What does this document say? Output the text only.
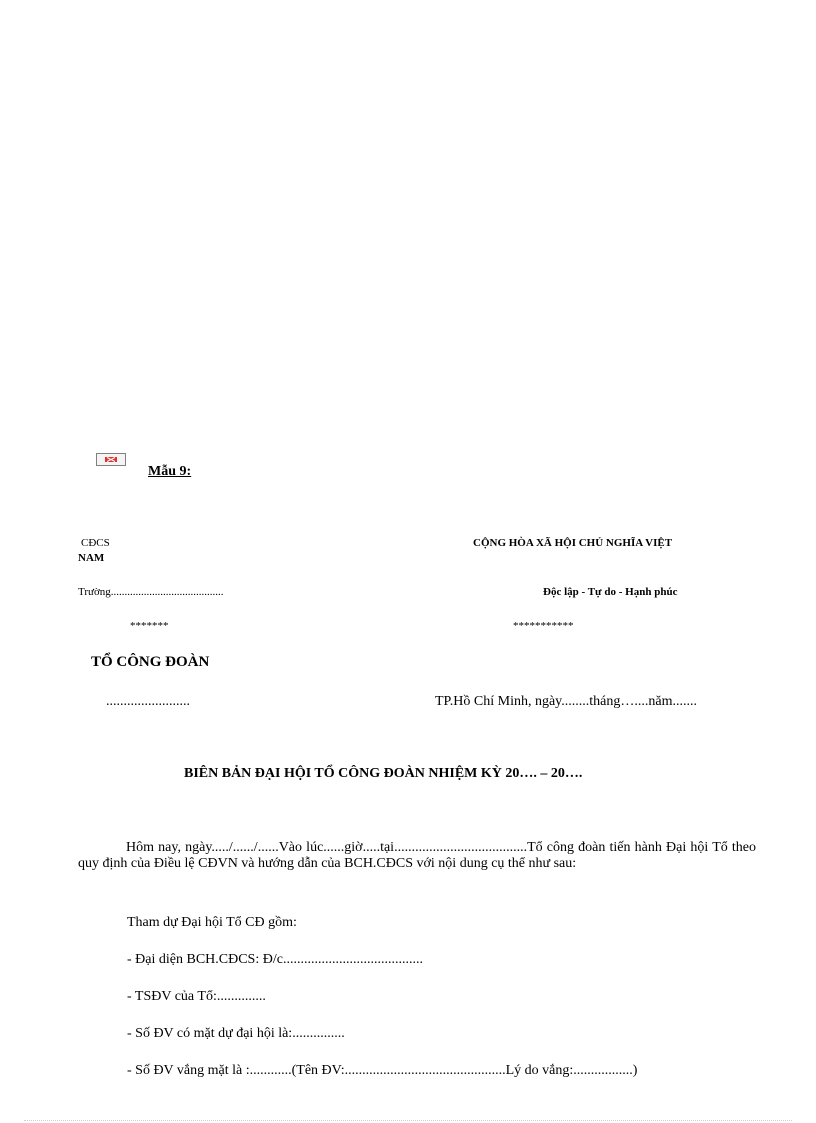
Mẫu 9:
CĐCS
Trường.........................................
*******
TỔ CÔNG ĐOÀN
........................
CỘNG HÒA XÃ HỘI CHỦ NGHĨA VIỆT
NAM
Độc lập - Tự do - Hạnh phúc
***********
TP.Hồ Chí Minh, ngày........tháng…....năm.......
BIÊN BẢN ĐẠI HỘI TỔ CÔNG ĐOÀN NHIỆM KỲ 20…. – 20….
Hôm nay, ngày...../....../......Vào lúc......giờ.....tại......................................Tổ công đoàn tiến hành Đại hội Tổ theo quy định của Điều lệ CĐVN và hướng dẫn của BCH.CĐCS với nội dung cụ thể như sau:
Tham dự Đại hội Tổ CĐ gồm:
- Đại diện BCH.CĐCS: Đ/c........................................
- TSĐV của Tổ:..............
- Số ĐV có mặt dự đại hội là:...............
- Số ĐV vắng mặt là :............(Tên ĐV:..............................................Lý do vắng:.................)
